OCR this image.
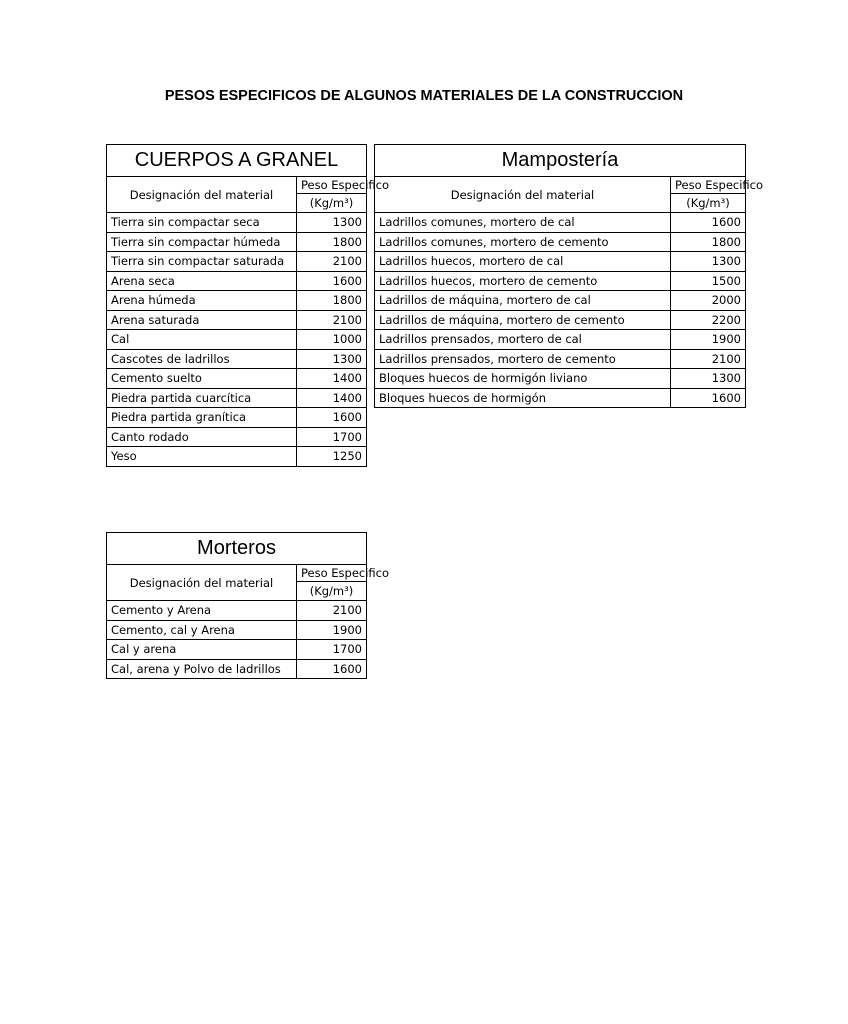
PESOS ESPECIFICOS DE ALGUNOS MATERIALES DE LA CONSTRUCCION
CUERPOS A GRANEL	
Designación del material	Peso Especifico
	(Kg/m³)
Tierra sin compactar seca	1300
Tierra sin compactar húmeda	1800
Tierra sin compactar saturada	2100
Arena seca	1600
Arena húmeda	1800
Arena saturada	2100
Cal	1000
Cascotes de ladrillos	1300
Cemento suelto	1400
Piedra partida cuarcítica	1400
Piedra partida granítica	1600
Canto rodado	1700
Yeso	1250
Mampostería	
Designación del material	Peso Especifico
	(Kg/m³)
Ladrillos comunes, mortero de cal	1600
Ladrillos comunes, mortero de cemento	1800
Ladrillos huecos, mortero de cal	1300
Ladrillos huecos, mortero de cemento	1500
Ladrillos de máquina, mortero de cal	2000
Ladrillos de máquina, mortero de cemento	2200
Ladrillos prensados, mortero de cal	1900
Ladrillos prensados, mortero de cemento	2100
Bloques huecos de hormigón liviano	1300
Bloques huecos de hormigón	1600
Morteros	
Designación del material	Peso Especifico
	(Kg/m³)
Cemento y Arena	2100
Cemento, cal y Arena	1900
Cal y arena	1700
Cal, arena y Polvo de ladrillos	1600
